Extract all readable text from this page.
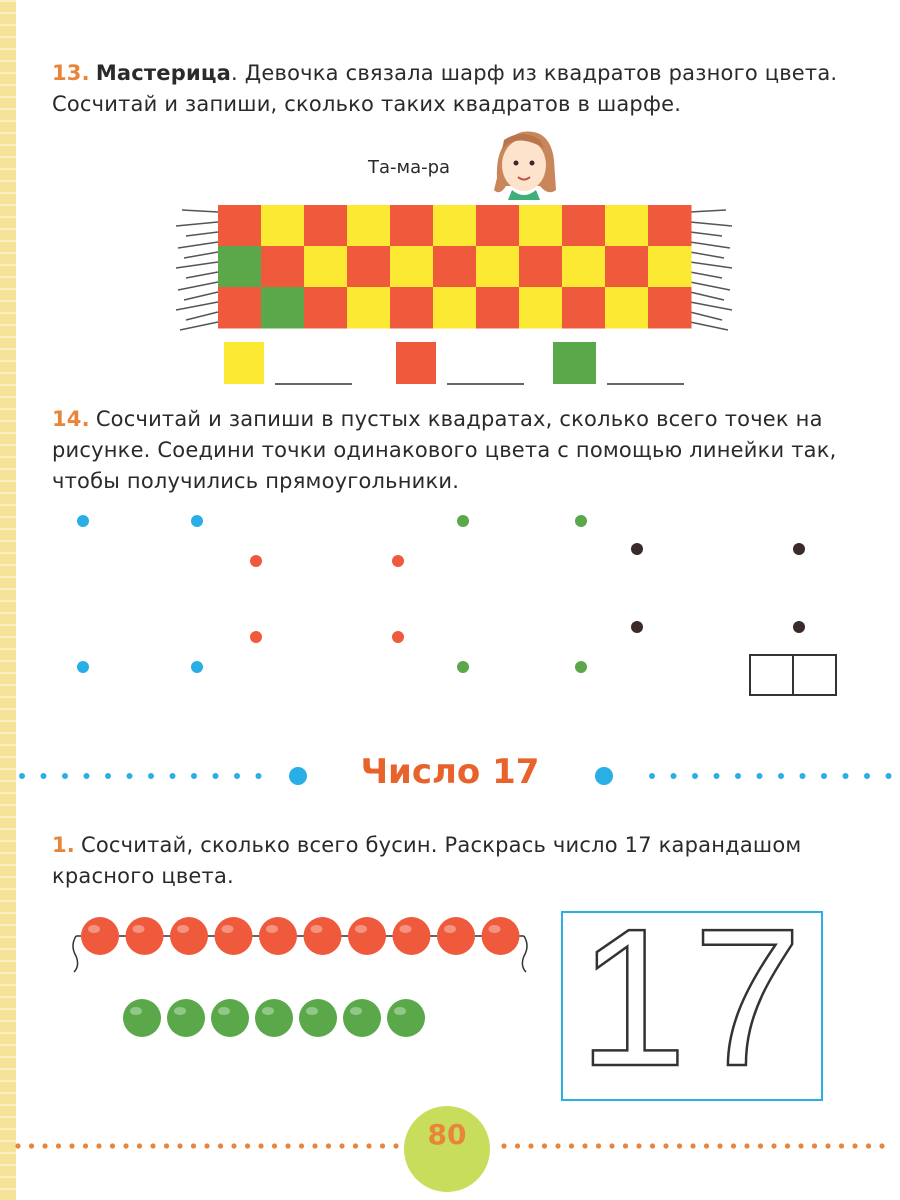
13. Мастерица. Девочка связала шарф из квадратов разного цвета. Сосчитай и запиши, сколько таких квадратов в шарфе.
Та-ма-ра
17
14. Сосчитай и запиши в пустых квадратах, сколько всего точек на рисунке. Соедини точки одинакового цвета с помощью линейки так, чтобы получились прямоугольники.
Число 17
1. Сосчитай, сколько всего бусин. Раскрась число 17 карандашом красного цвета.
80
